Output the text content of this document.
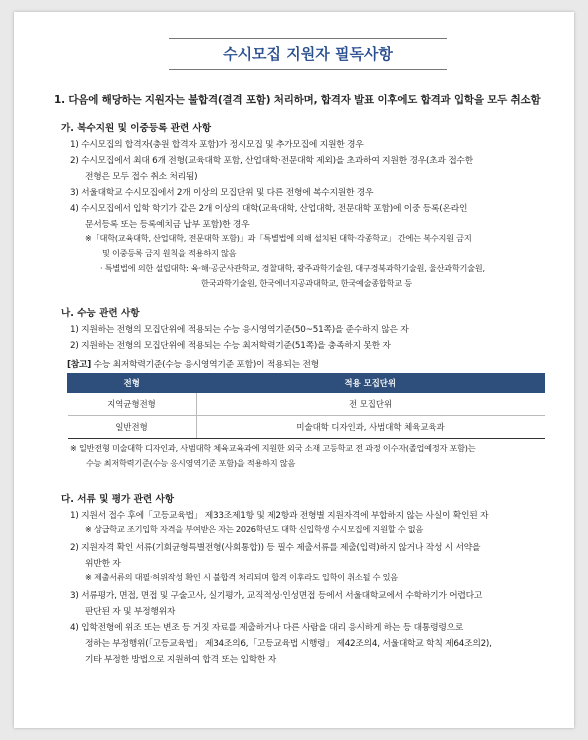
수시모집 지원자 필독사항
1. 다음에 해당하는 지원자는 불합격(결격 포함) 처리하며, 합격자 발표 이후에도 합격과 입학을 모두 취소함
가. 복수지원 및 이중등록 관련 사항
1) 수시모집의 합격자(충원 합격자 포함)가 정시모집 및 추가모집에 지원한 경우
2) 수시모집에서 최대 6개 전형(교육대학 포함, 산업대학·전문대학 제외)을 초과하여 지원한 경우(초과 접수한
전형은 모두 접수 취소 처리됨)
3) 서울대학교 수시모집에서 2개 이상의 모집단위 및 다른 전형에 복수지원한 경우
4) 수시모집에서 입학 학기가 같은 2개 이상의 대학(교육대학, 산업대학, 전문대학 포함)에 이중 등록(온라인
문서등록 또는 등록예치금 납부 포함)한 경우
※「대학(교육대학, 산업대학, 전문대학 포함)」과「특별법에 의해 설치된 대학·각종학교」 간에는 복수지원 금지
및 이중등록 금지 원칙을 적용하지 않음
· 특별법에 의한 설립대학: 육·해·공군사관학교, 경찰대학, 광주과학기술원, 대구경북과학기술원, 울산과학기술원,
한국과학기술원, 한국에너지공과대학교, 한국예술종합학교 등
나. 수능 관련 사항
1) 지원하는 전형의 모집단위에 적용되는 수능 응시영역기준(50~51쪽)을 준수하지 않은 자
2) 지원하는 전형의 모집단위에 적용되는 수능 최저학력기준(51쪽)을 충족하지 못한 자
[참고] 수능 최저학력기준(수능 응시영역기준 포함)이 적용되는 전형
전형	적용 모집단위
지역균형전형	전 모집단위
일반전형	미술대학 디자인과, 사범대학 체육교육과
※ 일반전형 미술대학 디자인과, 사범대학 체육교육과에 지원한 외국 소재 고등학교 전 과정 이수자(졸업예정자 포함)는
수능 최저학력기준(수능 응시영역기준 포함)을 적용하지 않음
다. 서류 및 평가 관련 사항
1) 지원서 접수 후에「고등교육법」 제33조제1항 및 제2항과 전형별 지원자격에 부합하지 않는 사실이 확인된 자
※ 상급학교 조기입학 자격을 부여받은 자는 2026학년도 대학 신입학생 수시모집에 지원할 수 없음
2) 지원자격 확인 서류(기회균형특별전형(사회통합)) 등 필수 제출서류를 제출(입력)하지 않거나 작성 시 서약을
위반한 자
※ 제출서류의 대필·허위작성 확인 시 불합격 처리되며 합격 이후라도 입학이 취소될 수 있음
3) 서류평가, 면접, 면접 및 구술고사, 실기평가, 교직적성·인성면접 등에서 서울대학교에서 수학하기가 어렵다고
판단된 자 및 부정행위자
4) 입학전형에 위조 또는 변조 등 거짓 자료를 제출하거나 다른 사람을 대리 응시하게 하는 등 대통령령으로
정하는 부정행위(「고등교육법」 제34조의6,「고등교육법 시행령」 제42조의4, 서울대학교 학칙 제64조의2),
기타 부정한 방법으로 지원하여 합격 또는 입학한 자
